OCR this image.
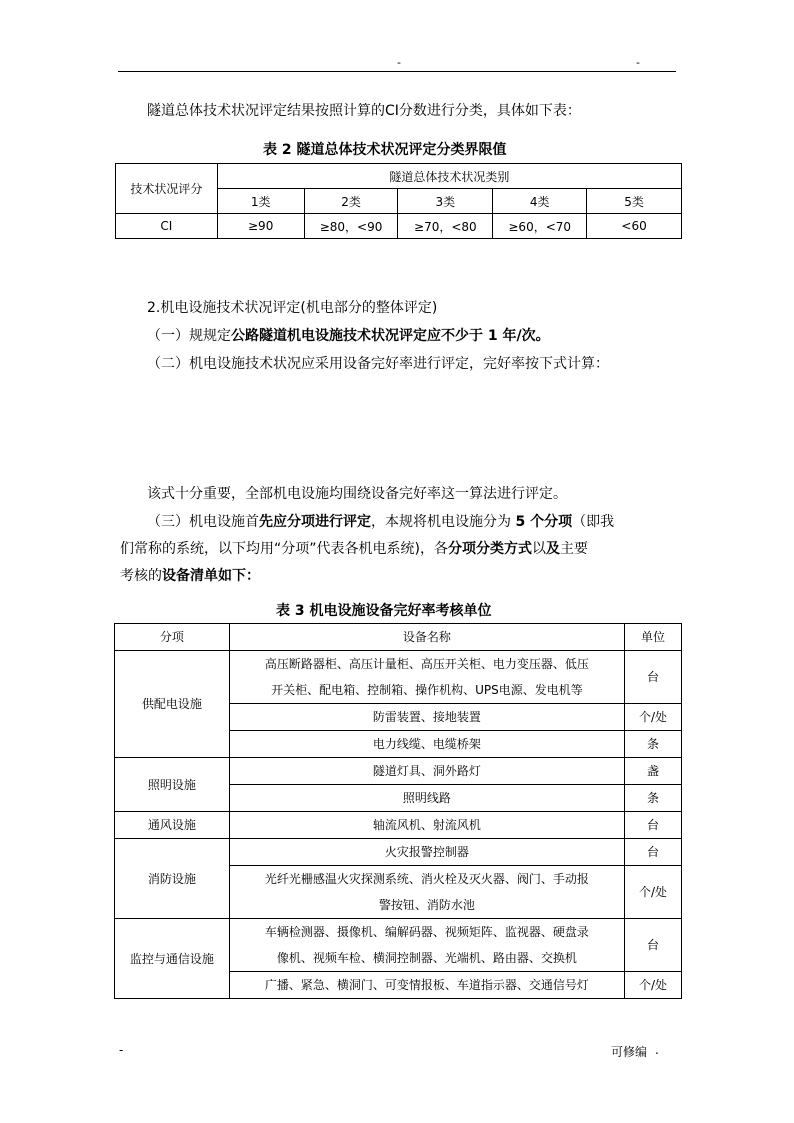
-	-
隧道总体技术状况评定结果按照计算的CI分数进行分类，具体如下表：
表 2 隧道总体技术状况评定分类界限值
技术状况评分	隧道总体技术状况类别				
	1类	2类	3类	4类	5类
CI	≥90	≥80，<90	≥70，<80	≥60，<70	<60
2.机电设施技术状况评定(机电部分的整体评定)
（一）规规定公路隧道机电设施技术状况评定应不少于 1 年/次。
（二）机电设施技术状况应采用设备完好率进行评定，完好率按下式计算：
该式十分重要，全部机电设施均围绕设备完好率这一算法进行评定。
（三）机电设施首先应分项进行评定，本规将机电设施分为 5 个分项（即我
们常称的系统，以下均用“分项”代表各机电系统)，各分项分类方式以及主要
考核的设备清单如下：
表 3 机电设施设备完好率考核单位
分项	设备名称	单位
供配电设施	高压断路器柜、高压计量柜、高压开关柜、电力变压器、低压
开关柜、配电箱、控制箱、操作机构、UPS电源、发电机等	台

	防雷装置、接地装置	个/处

	电力线缆、电缆桥架	条
照明设施	隧道灯具、洞外路灯	盏

	照明线路	条
通风设施	轴流风机、射流风机	台
消防设施	火灾报警控制器	台

	光纤光栅感温火灾探测系统、消火栓及灭火器、阀门、手动报
警按钮、消防水池	个/处
监控与通信设施	车辆检测器、摄像机、编解码器、视频矩阵、监视器、硬盘录
像机、视频车检、横洞控制器、光端机、路由器、交换机	台

	广播、紧急、横洞门、可变情报板、车道指示器、交通信号灯	个/处
-	可修编 .
